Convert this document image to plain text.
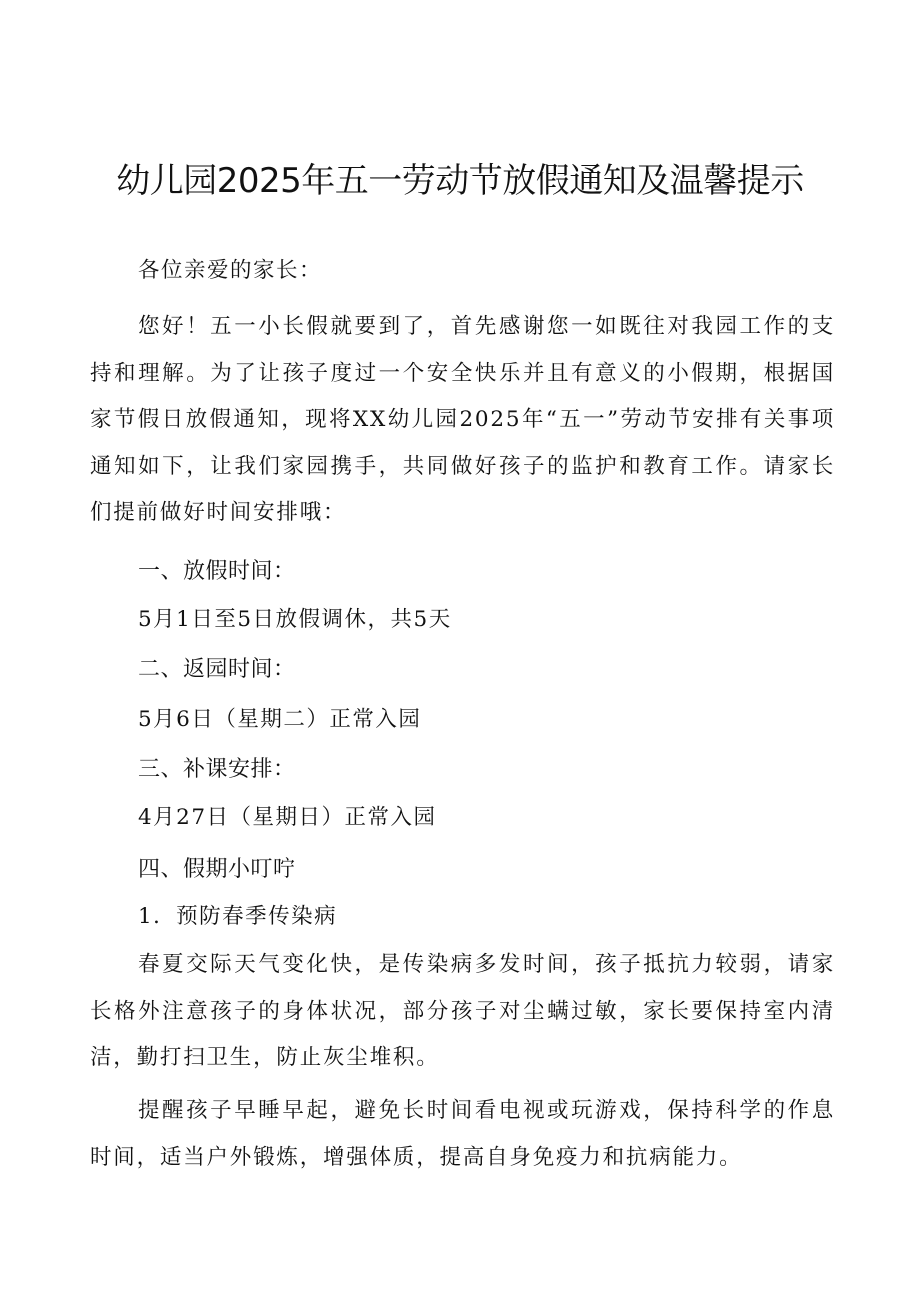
幼儿园2025年五一劳动节放假通知及温馨提示
各位亲爱的家长：
您好！五一小长假就要到了，首先感谢您一如既往对我园工作的支持和理解。为了让孩子度过一个安全快乐并且有意义的小假期，根据国家节假日放假通知，现将XX幼儿园2025年“五一”劳动节安排有关事项通知如下，让我们家园携手，共同做好孩子的监护和教育工作。请家长们提前做好时间安排哦：
一、放假时间：
5月1日至5日放假调休，共5天
二、返园时间：
5月6日（星期二）正常入园
三、补课安排：
4月27日（星期日）正常入园
四、假期小叮咛
1．预防春季传染病
春夏交际天气变化快，是传染病多发时间，孩子抵抗力较弱，请家长格外注意孩子的身体状况，部分孩子对尘螨过敏，家长要保持室内清洁，勤打扫卫生，防止灰尘堆积。
提醒孩子早睡早起，避免长时间看电视或玩游戏，保持科学的作息时间，适当户外锻炼，增强体质，提高自身免疫力和抗病能力。
